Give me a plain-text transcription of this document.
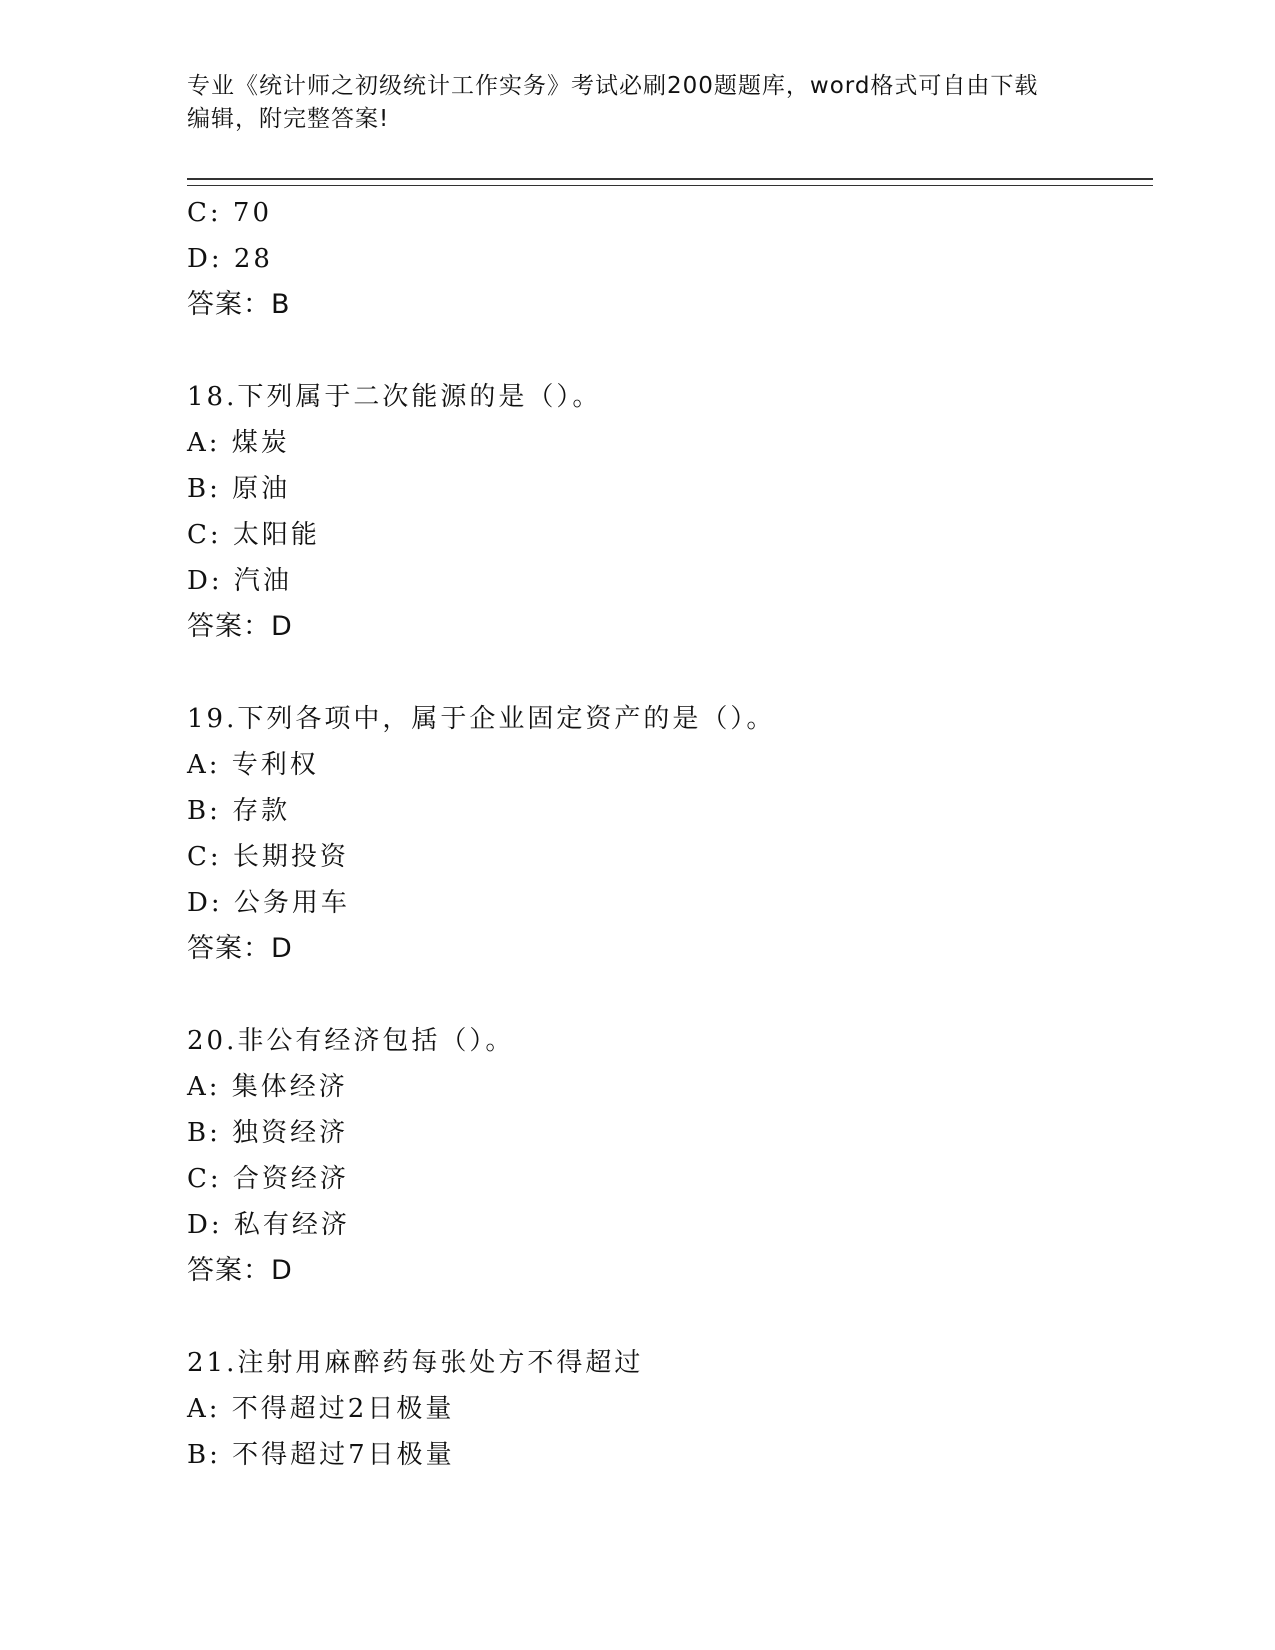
专业《统计师之初级统计工作实务》考试必刷200题题库，word格式可自由下载
编辑，附完整答案!
C: 70
D: 28
答案：B
18.下列属于二次能源的是（）。
A: 煤炭
B: 原油
C: 太阳能
D: 汽油
答案：D
19.下列各项中，属于企业固定资产的是（）。
A: 专利权
B: 存款
C: 长期投资
D: 公务用车
答案：D
20.非公有经济包括（）。
A: 集体经济
B: 独资经济
C: 合资经济
D: 私有经济
答案：D
21.注射用麻醉药每张处方不得超过
A: 不得超过2日极量
B: 不得超过7日极量
